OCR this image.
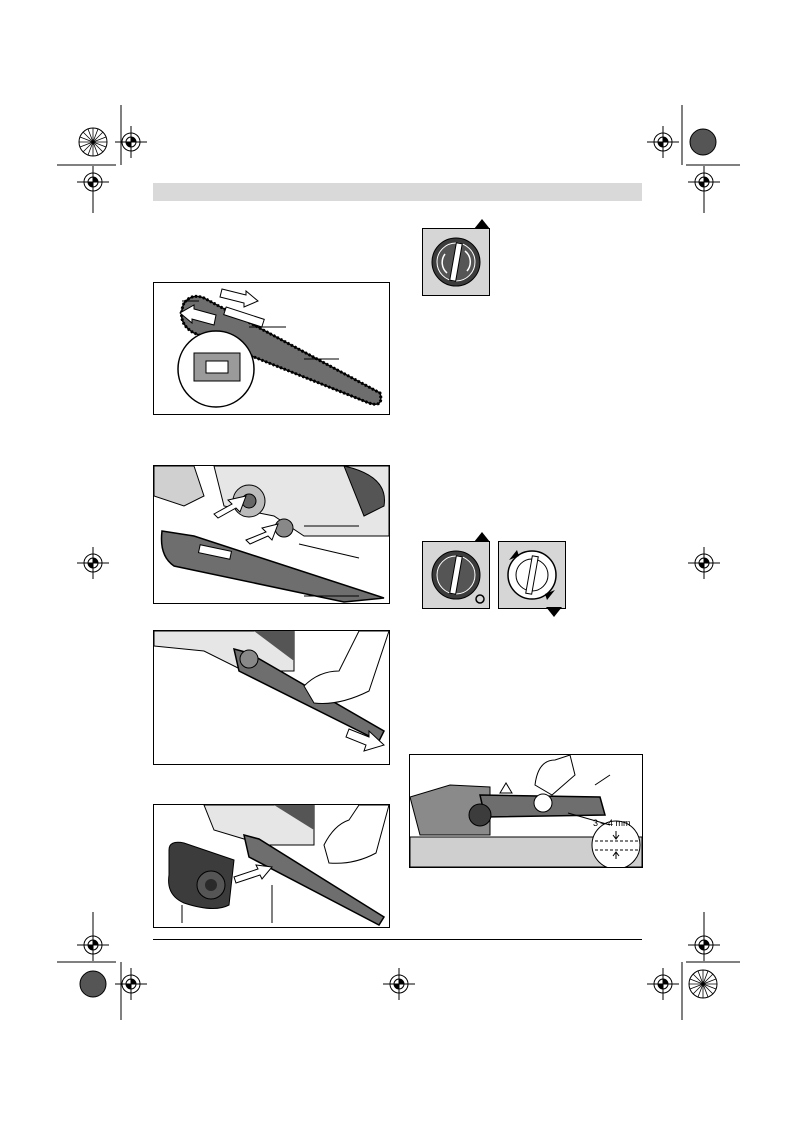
3 – 4 mm
